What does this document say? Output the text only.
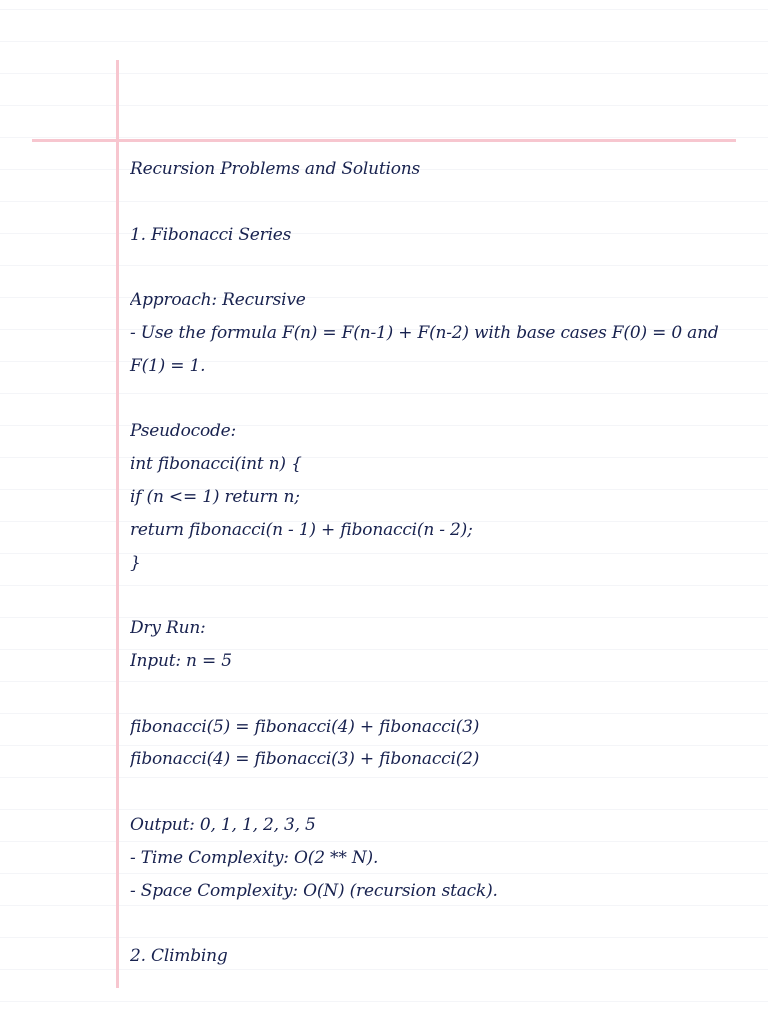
Recursion Problems and Solutions
1. Fibonacci Series
Approach: Recursive
- Use the formula F(n) = F(n-1) + F(n-2) with base cases F(0) = 0 and F(1) = 1.
Pseudocode:
int fibonacci(int n) {
if (n <= 1) return n;
return fibonacci(n - 1) + fibonacci(n - 2);
}
Dry Run:
Input: n = 5
fibonacci(5) = fibonacci(4) + fibonacci(3)
fibonacci(4) = fibonacci(3) + fibonacci(2)
Output: 0, 1, 1, 2, 3, 5
- Time Complexity: O(2 ** N).
- Space Complexity: O(N) (recursion stack).
2. Climbing
